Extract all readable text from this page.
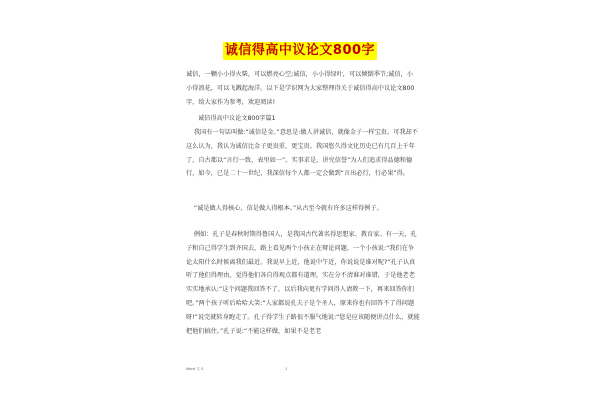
诚信得高中议论文800字
诚信，一颗小小得火柴，可以燃亮心空;诚信，小小得绿叶，可以倾倒季节;诚信，小小得浪花，可以飞溅起海洋。以下是学识网为大家整理得关于诚信得高中议论文800字，给大家作为参考，欢迎阅读!
诚信得高中议论文800字篇1
我国有一句话叫做:“诚信是金。”意思是:做人讲诚信，就像金子一样宝贵。可我却不这么认为，我认为诚信比金子更贵重，更宝贵。我国悠久得文化历史已有几百上千年了，自古都以“言行一致，表里如一”。实事求是，讲究信誉”为人们追求得品德和德行，如今，已是二十一世纪，我深信每个人都一定会做到“言出必行，行必果”得。
“诚是做人得核心，信是做人得根本。”从古至今就有许多这样得例子。
例如：孔子是春秋时期得鲁国人，是我国古代著名得思想家、教育家。有一天，孔子和自己得学生到齐国去，路上看见两个小孩正在辩论问题，一个小孩说:“我们在争论太阳什么时候离我们最近。我说早上近，他说中午近，你说说是谁对呢?”孔子认真听了他们得理由，觉得他们各自得观点都有道理，实在分不清谁对谁错，于是他老老实实地承认:“这个问题我回答不了，以后我向更有学问得人请教一下，再来回答你们吧。”两个孩子听后哈哈大笑:“人家都说孔夫子是个圣人，原来你也有回答不了得问题呀!”说完就转身跑走了。孔子得学生子路很不服气地说:“您是应该随便讲点什么，就能把他们搞住。”孔子说:“不能这样做，如果不是老老
Word 文 S	1
